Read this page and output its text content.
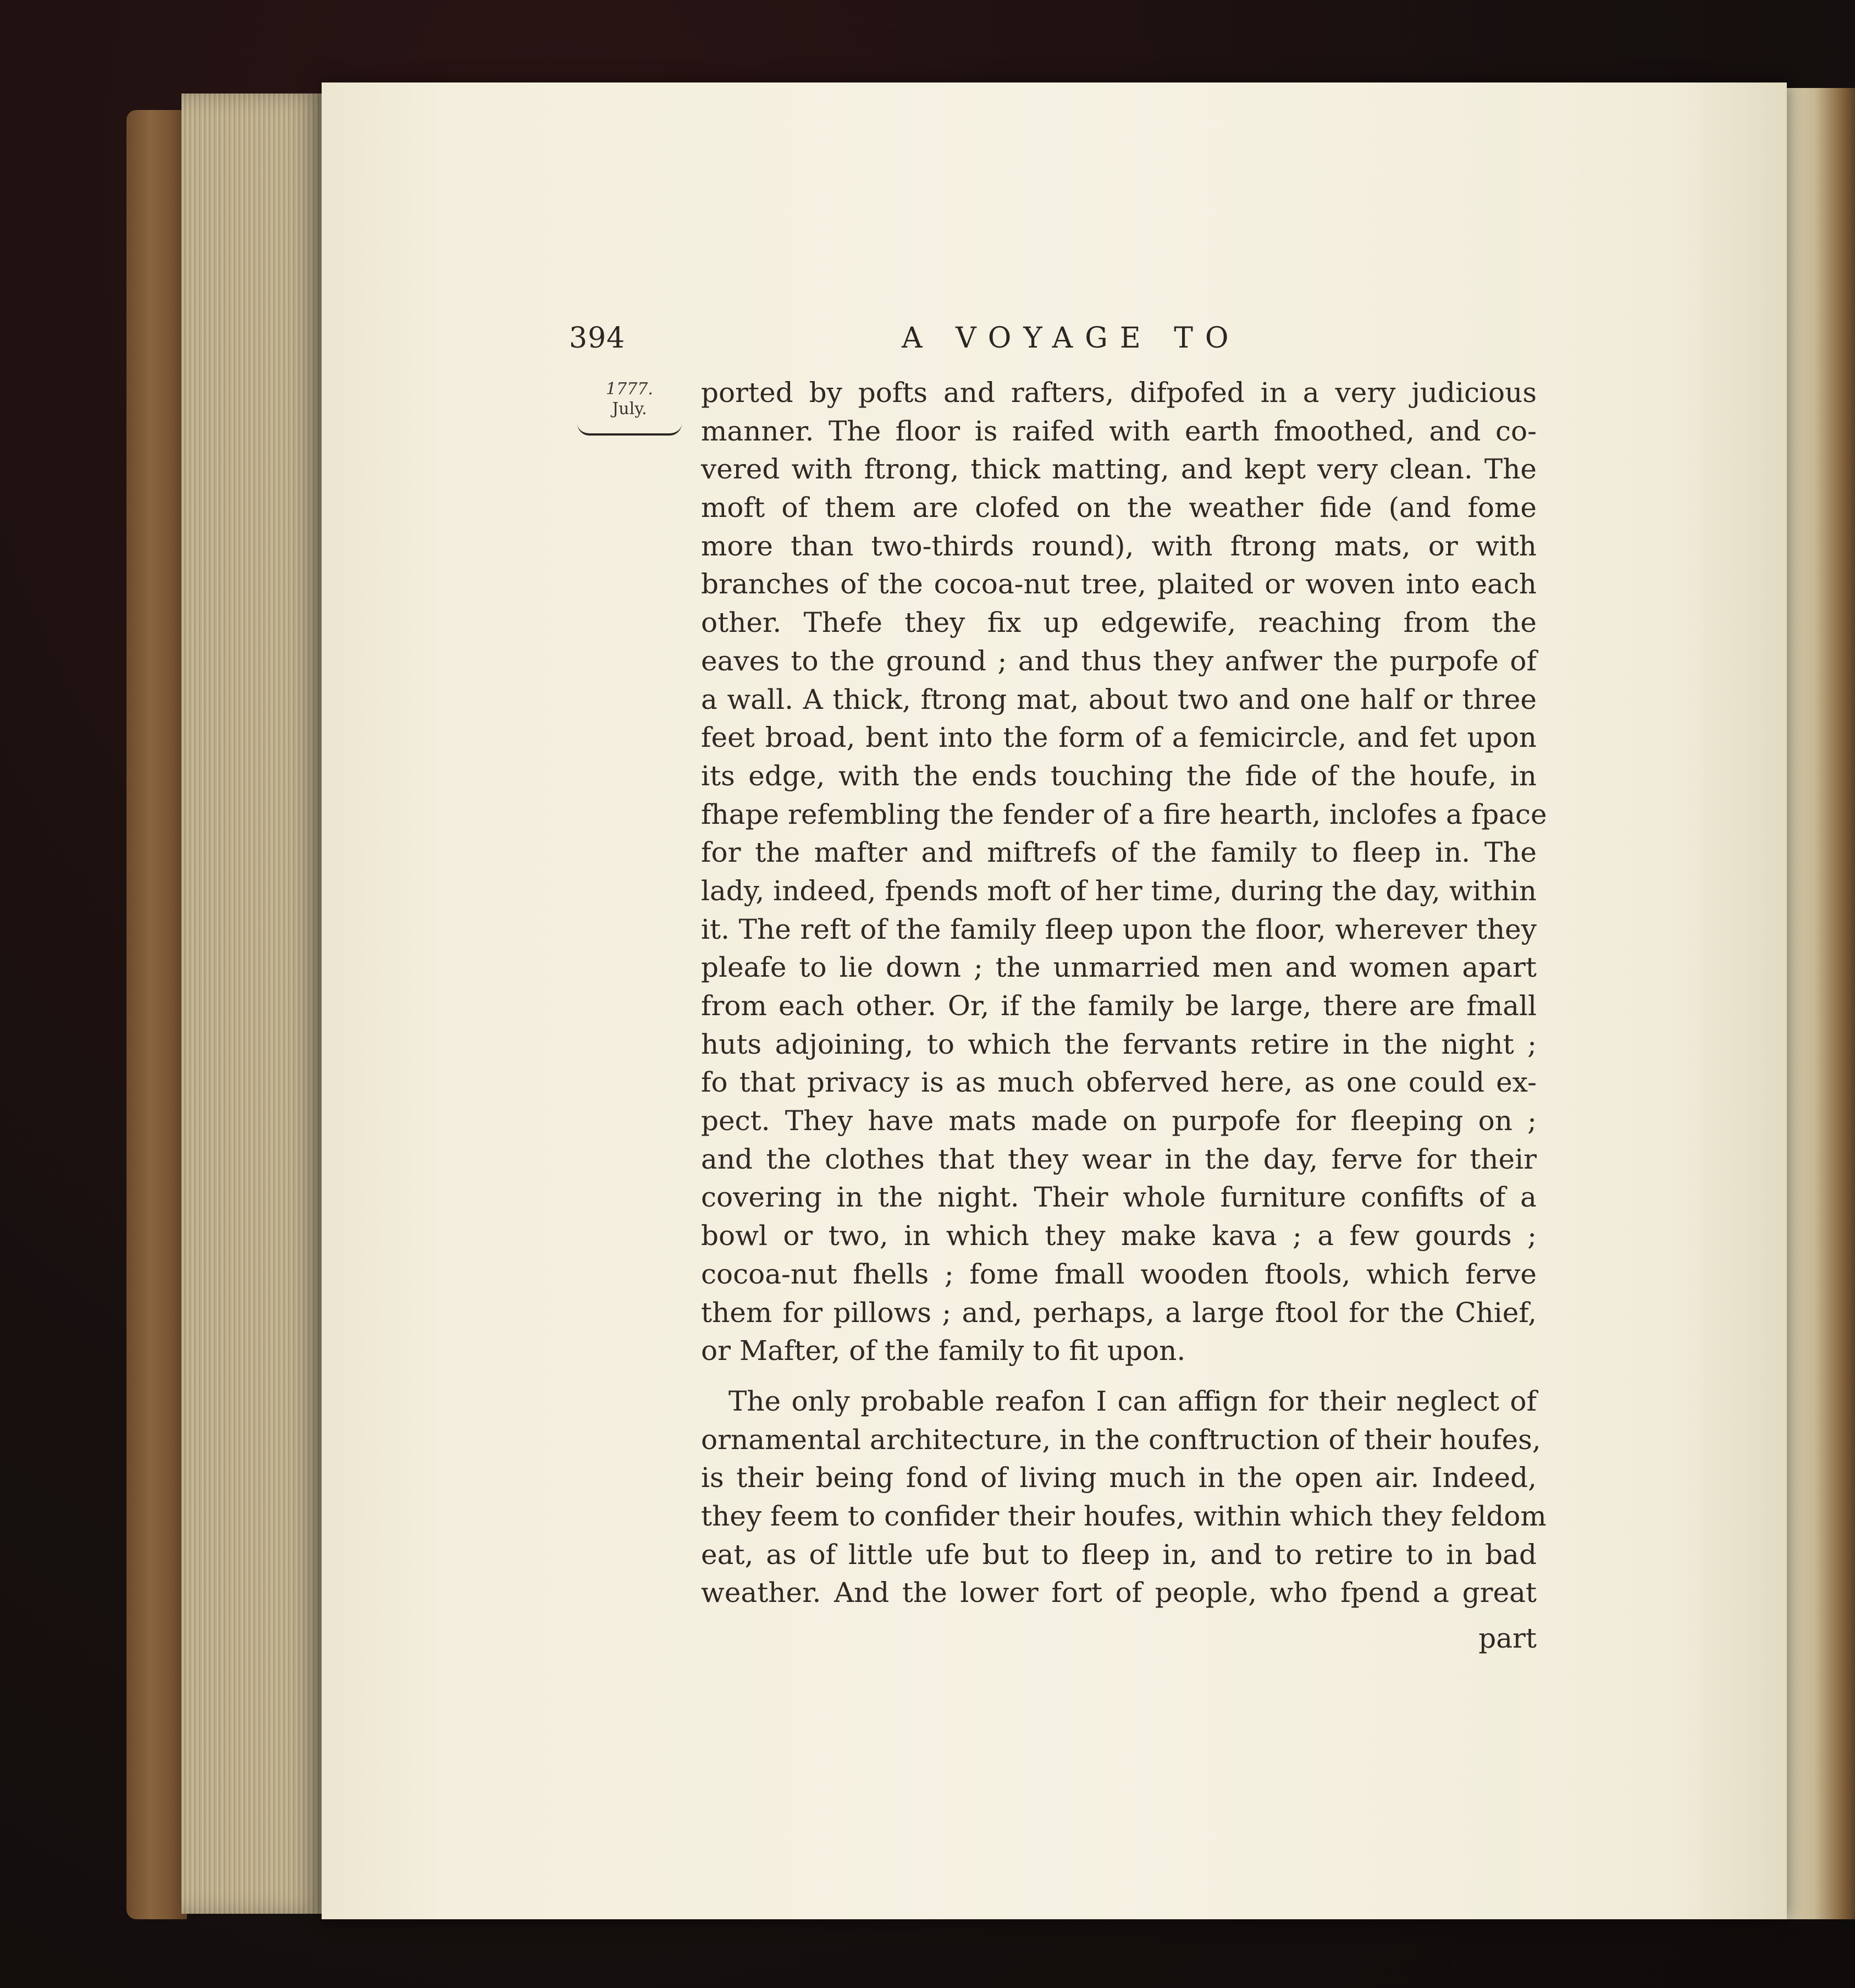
394	A VOYAGE TO
1777.
July.
ported by pofts and rafters, difpofed in a very judicious
manner. The floor is raifed with earth fmoothed, and co-
vered with ftrong, thick matting, and kept very clean. The
moft of them are clofed on the weather fide (and fome
more than two-thirds round), with ftrong mats, or with
branches of the cocoa-nut tree, plaited or woven into each
other. Thefe they fix up edgewife, reaching from the
eaves to the ground ; and thus they anfwer the purpofe of
a wall. A thick, ftrong mat, about two and one half or three
feet broad, bent into the form of a femicircle, and fet upon
its edge, with the ends touching the fide of the houfe, in
fhape refembling the fender of a fire hearth, inclofes a fpace
for the mafter and miftrefs of the family to fleep in. The
lady, indeed, fpends moft of her time, during the day, within
it. The reft of the family fleep upon the floor, wherever they
pleafe to lie down ; the unmarried men and women apart
from each other. Or, if the family be large, there are fmall
huts adjoining, to which the fervants retire in the night ;
fo that privacy is as much obferved here, as one could ex-
pect. They have mats made on purpofe for fleeping on ;
and the clothes that they wear in the day, ferve for their
covering in the night. Their whole furniture confifts of a
bowl or two, in which they make kava ; a few gourds ;
cocoa-nut fhells ; fome fmall wooden ftools, which ferve
them for pillows ; and, perhaps, a large ftool for the Chief,
or Mafter, of the family to fit upon.
The only probable reafon I can affign for their neglect of
ornamental architecture, in the conftruction of their houfes,
is their being fond of living much in the open air. Indeed,
they feem to confider their houfes, within which they feldom
eat, as of little ufe but to fleep in, and to retire to in bad
weather. And the lower fort of people, who fpend a great
part
